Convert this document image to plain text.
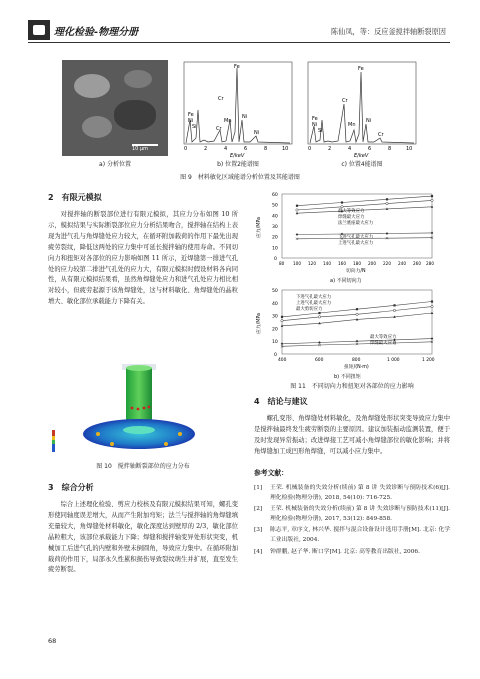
理化检验-物理分册	陈仙凤，等：反应釜搅拌轴断裂原因
10 μm
a) 分析位置
Fe
Cr
Fe
Ni
Si
Mn
Ni
Cr
Ni
0	2	4	6	8	10
E/keV
b) 位置2能谱图
Fe
Cr
Fe
Ni
Si
Mn
Ni
Cr
0	2	4	6	8	10
E/keV
c) 位置4能谱图
图 9　材料敏化区域能谱分析位置及其能谱图
2　有限元模拟
对搅拌轴的断裂部位进行有限元模拟，其应力分布如图 10 所示，模拟结果与实际断裂部位应力分析结果吻合，搅拌轴在结构上表现为进气孔与角焊缝处应力较大，在循环附加载荷的作用下最先出现疲劳裂纹，降低这两处的应力集中可延长搅拌轴的使用寿命。不同切向力和扭矩对各部位的应力影响如图 11 所示，近焊缝第一排进气孔处的应力较第二排进气孔处的应力大，有限元模拟时假设材料各向同性，从有限元模拟结果看，虽然角焊缝处应力和进气孔处应力相比相对较小，但疲劳起源于该角焊缝处，这与材料敏化、角焊缝处的晶粒增大、敏化部位承载能力下降有关。
图 10　搅拌轴断裂部位的应力分布
3　综合分析
综合上述理化检验、剪应力校核及有限元模拟结果可知，螺孔变形使同轴度误差增大，从而产生附加弯矩；法兰与搅拌轴的角焊缝填充量较大，角焊缝处材料敏化，敏化深度达到壁厚的 2/3，敏化部位晶粒粗大，该部位承载能力下降；焊缝和搅拌轴变异处形状突变，机械加工后进气孔的内壁和外壁未倒圆角，导致应力集中。在循环附加载荷的作用下，局部永久性累积损伤导致裂纹萌生并扩展，直至发生疲劳断裂。
0
10
20
30
40
50
60
80 100 120 140 160 180 200 220 240 260 280
应力/MPa
切向力/N
最大等效应力
焊缝最大应力
法兰底座最大应力
下进气孔最大应力
上进气孔最大应力
a) 不同切向力
0
10
20
30
40
50
400	600	800	1 000	1 200
应力/MPa
扭矩/(N·m)
下进气孔最大应力
上进气孔最大应力
最大剪切应力
最大等效应力
焊缝最大应力
b) 不同扭矩
图 11　不同切向力和扭矩对各部位的应力影响
4　结论与建议
螺孔变形、角焊缝处材料敏化，及角焊缝处形状突变导致应力集中是搅拌轴最终发生疲劳断裂的主要原因。建议加装振动监测装置，便于及时发现异常振动；改进焊接工艺可减小角焊缝部位的敏化影响；并将角焊缝加工成凹形角焊缝，可以减小应力集中。
参考文献：
[1]	王荣. 机械装备的失效分析(续前) 第 8 讲 失效诊断与预防技术(6)[J]. 理化检验(物理分册), 2018, 54(10): 716-725.
[2]	王荣. 机械装备的失效分析(续前) 第 8 讲 失效诊断与预防技术(11)[J]. 理化检验(物理分册), 2017, 53(12): 849-858.
[3]	陈志平, 章序文, 林兴华. 搅拌与混合设备设计选用手册[M]. 北京: 化学工业出版社, 2004.
[4]	钟群鹏, 赵子华. 断口学[M]. 北京: 高等教育出版社, 2006.
68
